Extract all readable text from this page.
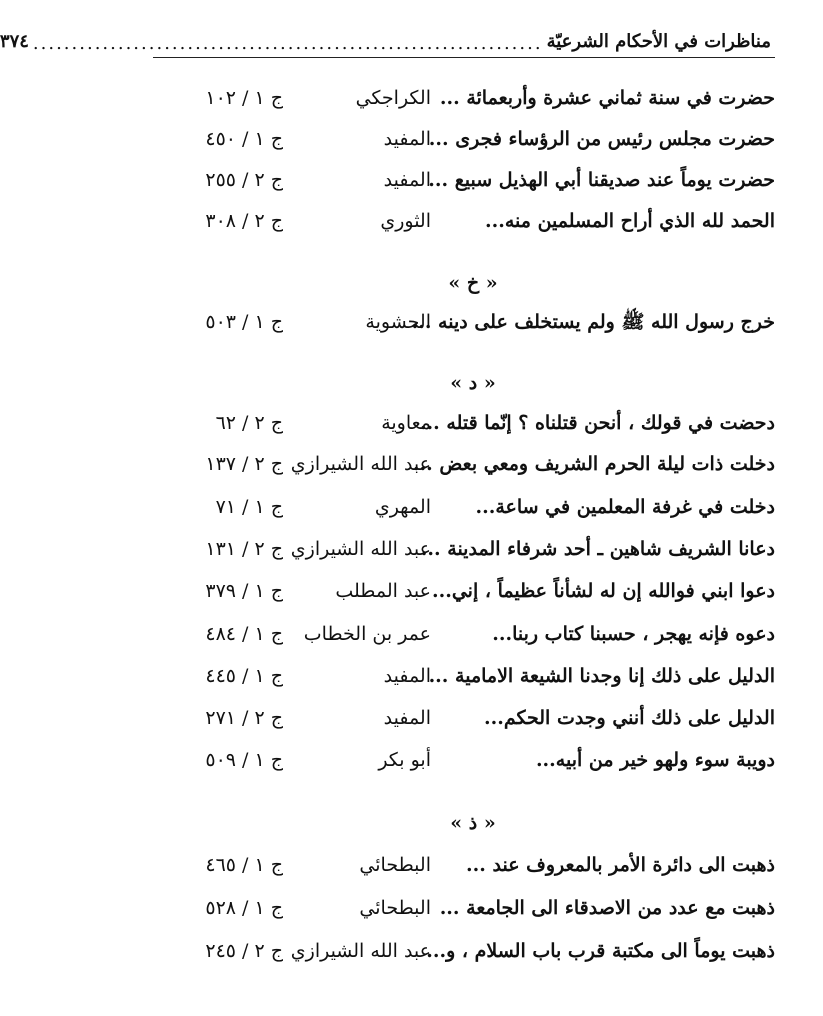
مناظرات في الأحكام الشرعيّة
..................................................................
٣٧٤
حضرت في سنة ثماني عشرة وأربعمائة ...
الكراجكي
ج ١ / ١٠٢
حضرت مجلس رئيس من الرؤساء فجرى ...
المفيد
ج ١ / ٤٥٠
حضرت يوماً عند صديقنا أبي الهذيل سبيع ...
المفيد
ج ٢ / ٢٥٥
الحمد لله الذي أراح المسلمين منه...
الثوري
ج ٢ / ٣٠٨
« خ »
خرج رسول الله ﷺ ولم يستخلف على دينه ...
الحشوية
ج ١ / ٥٠٣
« د »
دحضت في قولك ، أنحن قتلناه ؟ إنّما قتله ...
معاوية
ج ٢ / ٦٢
دخلت ذات ليلة الحرم الشريف ومعي بعض ...
عبد الله الشيرازي
ج ٢ / ١٣٧
دخلت في غرفة المعلمين في ساعة...
المهري
ج ١ / ٧١
دعانا الشريف شاهين ـ أحد شرفاء المدينة ...
عبد الله الشيرازي
ج ٢ / ١٣١
دعوا ابني فوالله إن له لشأناً عظيماً ، إني...
عبد المطلب
ج ١ / ٣٧٩
دعوه فإنه يهجر ، حسبنا كتاب ربنا...
عمر بن الخطاب
ج ١ / ٤٨٤
الدليل على ذلك إنا وجدنا الشيعة الامامية ...
المفيد
ج ١ / ٤٤٥
الدليل على ذلك أنني وجدت الحكم...
المفيد
ج ٢ / ٢٧١
دويبة سوء ولهو خير من أبيه...
أبو بكر
ج ١ / ٥٠٩
« ذ »
ذهبت الى دائرة الأمر بالمعروف عند ...
البطحائي
ج ١ / ٤٦٥
ذهبت مع عدد من الاصدقاء الى الجامعة ...
البطحائي
ج ١ / ٥٢٨
ذهبت يوماً الى مكتبة قرب باب السلام ، و...
عبد الله الشيرازي
ج ٢ / ٢٤٥
